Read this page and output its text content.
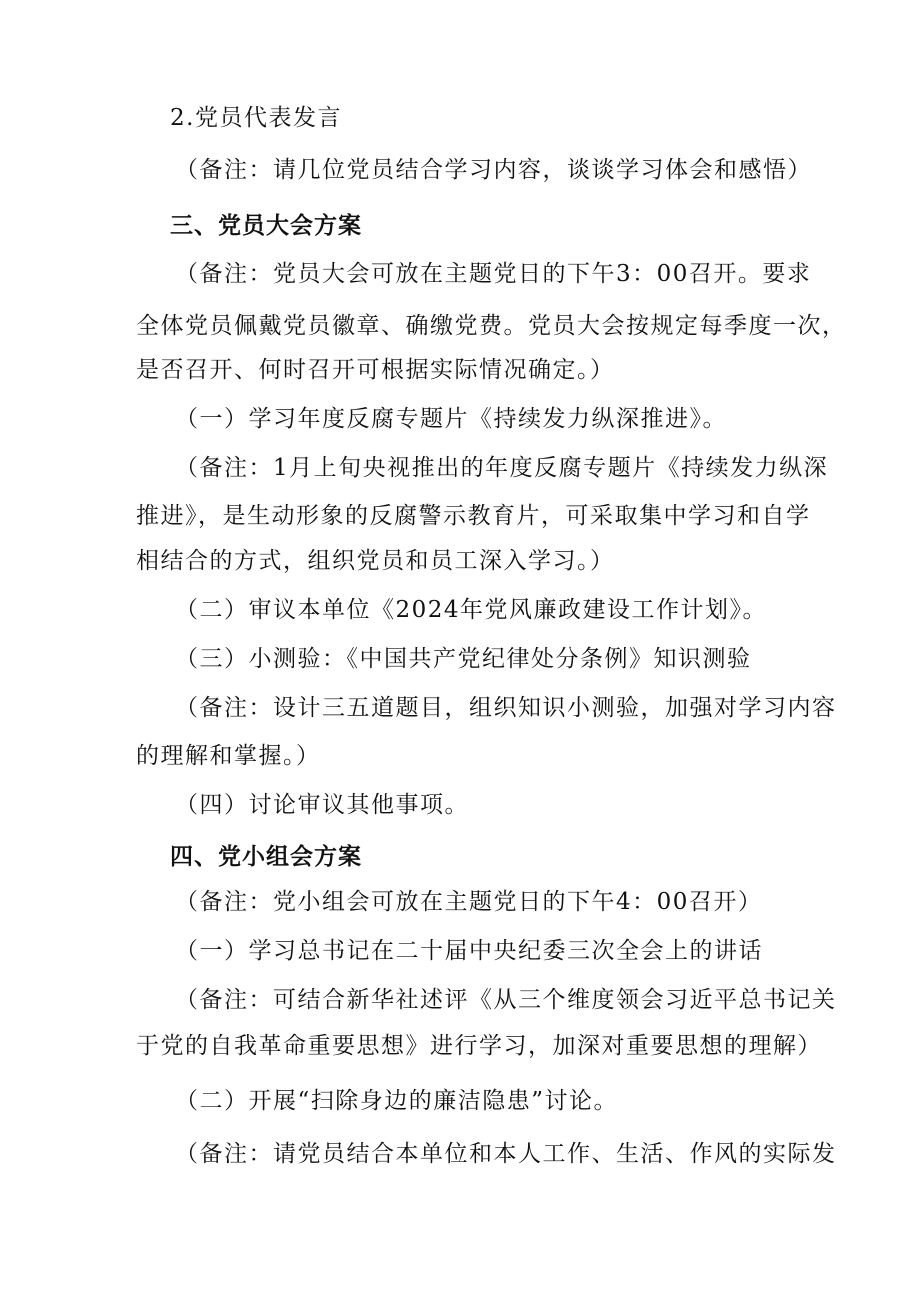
2.党员代表发言

（备注：请几位党员结合学习内容，谈谈学习体会和感悟）

三、党员大会方案

（备注：党员大会可放在主题党日的下午3：00召开。要求

全体党员佩戴党员徽章、确缴党费。党员大会按规定每季度一次，

是否召开、何时召开可根据实际情况确定。）

（一）学习年度反腐专题片《持续发力纵深推进》。

（备注：1月上旬央视推出的年度反腐专题片《持续发力纵深

推进》，是生动形象的反腐警示教育片，可采取集中学习和自学

相结合的方式，组织党员和员工深入学习。）

（二）审议本单位《2024年党风廉政建设工作计划》。

（三）小测验：《中国共产党纪律处分条例》知识测验

（备注：设计三五道题目，组织知识小测验，加强对学习内容

的理解和掌握。）

（四）讨论审议其他事项。

四、党小组会方案

（备注：党小组会可放在主题党日的下午4：00召开）

（一）学习总书记在二十届中央纪委三次全会上的讲话

（备注：可结合新华社述评《从三个维度领会习近平总书记关

于党的自我革命重要思想》进行学习，加深对重要思想的理解）

（二）开展“扫除身边的廉洁隐患”讨论。

（备注：请党员结合本单位和本人工作、生活、作风的实际发
